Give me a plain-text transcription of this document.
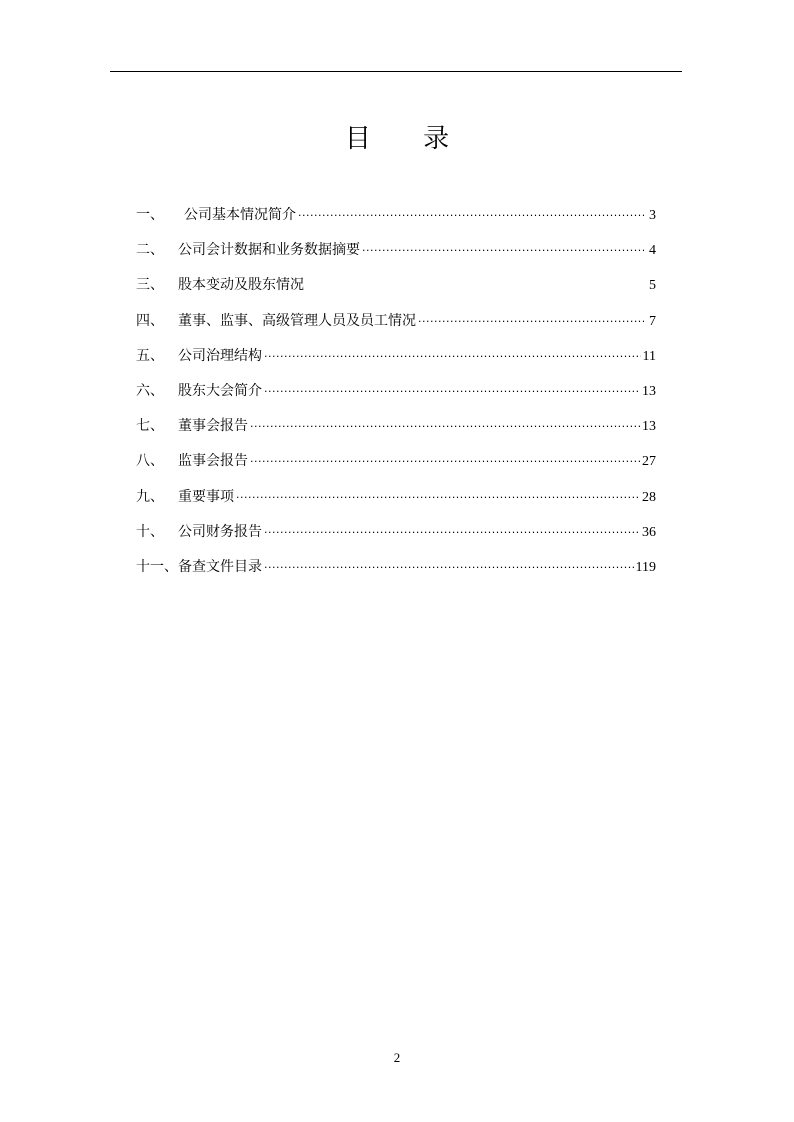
目 录
一、	公司基本情况简介 ·····	3
二、	公司会计数据和业务数据摘要 ·····	4
三、	股本变动及股东情况	5
四、	董事、监事、高级管理人员及员工情况 ·····	7
五、	公司治理结构 ·····	11
六、	股东大会简介 ·····	13
七、	董事会报告 ·····	13
八、	监事会报告 ·····	27
九、	重要事项 ·····	28
十、	公司财务报告 ·····	36
十一、 备查文件目录 ·····	119
2
